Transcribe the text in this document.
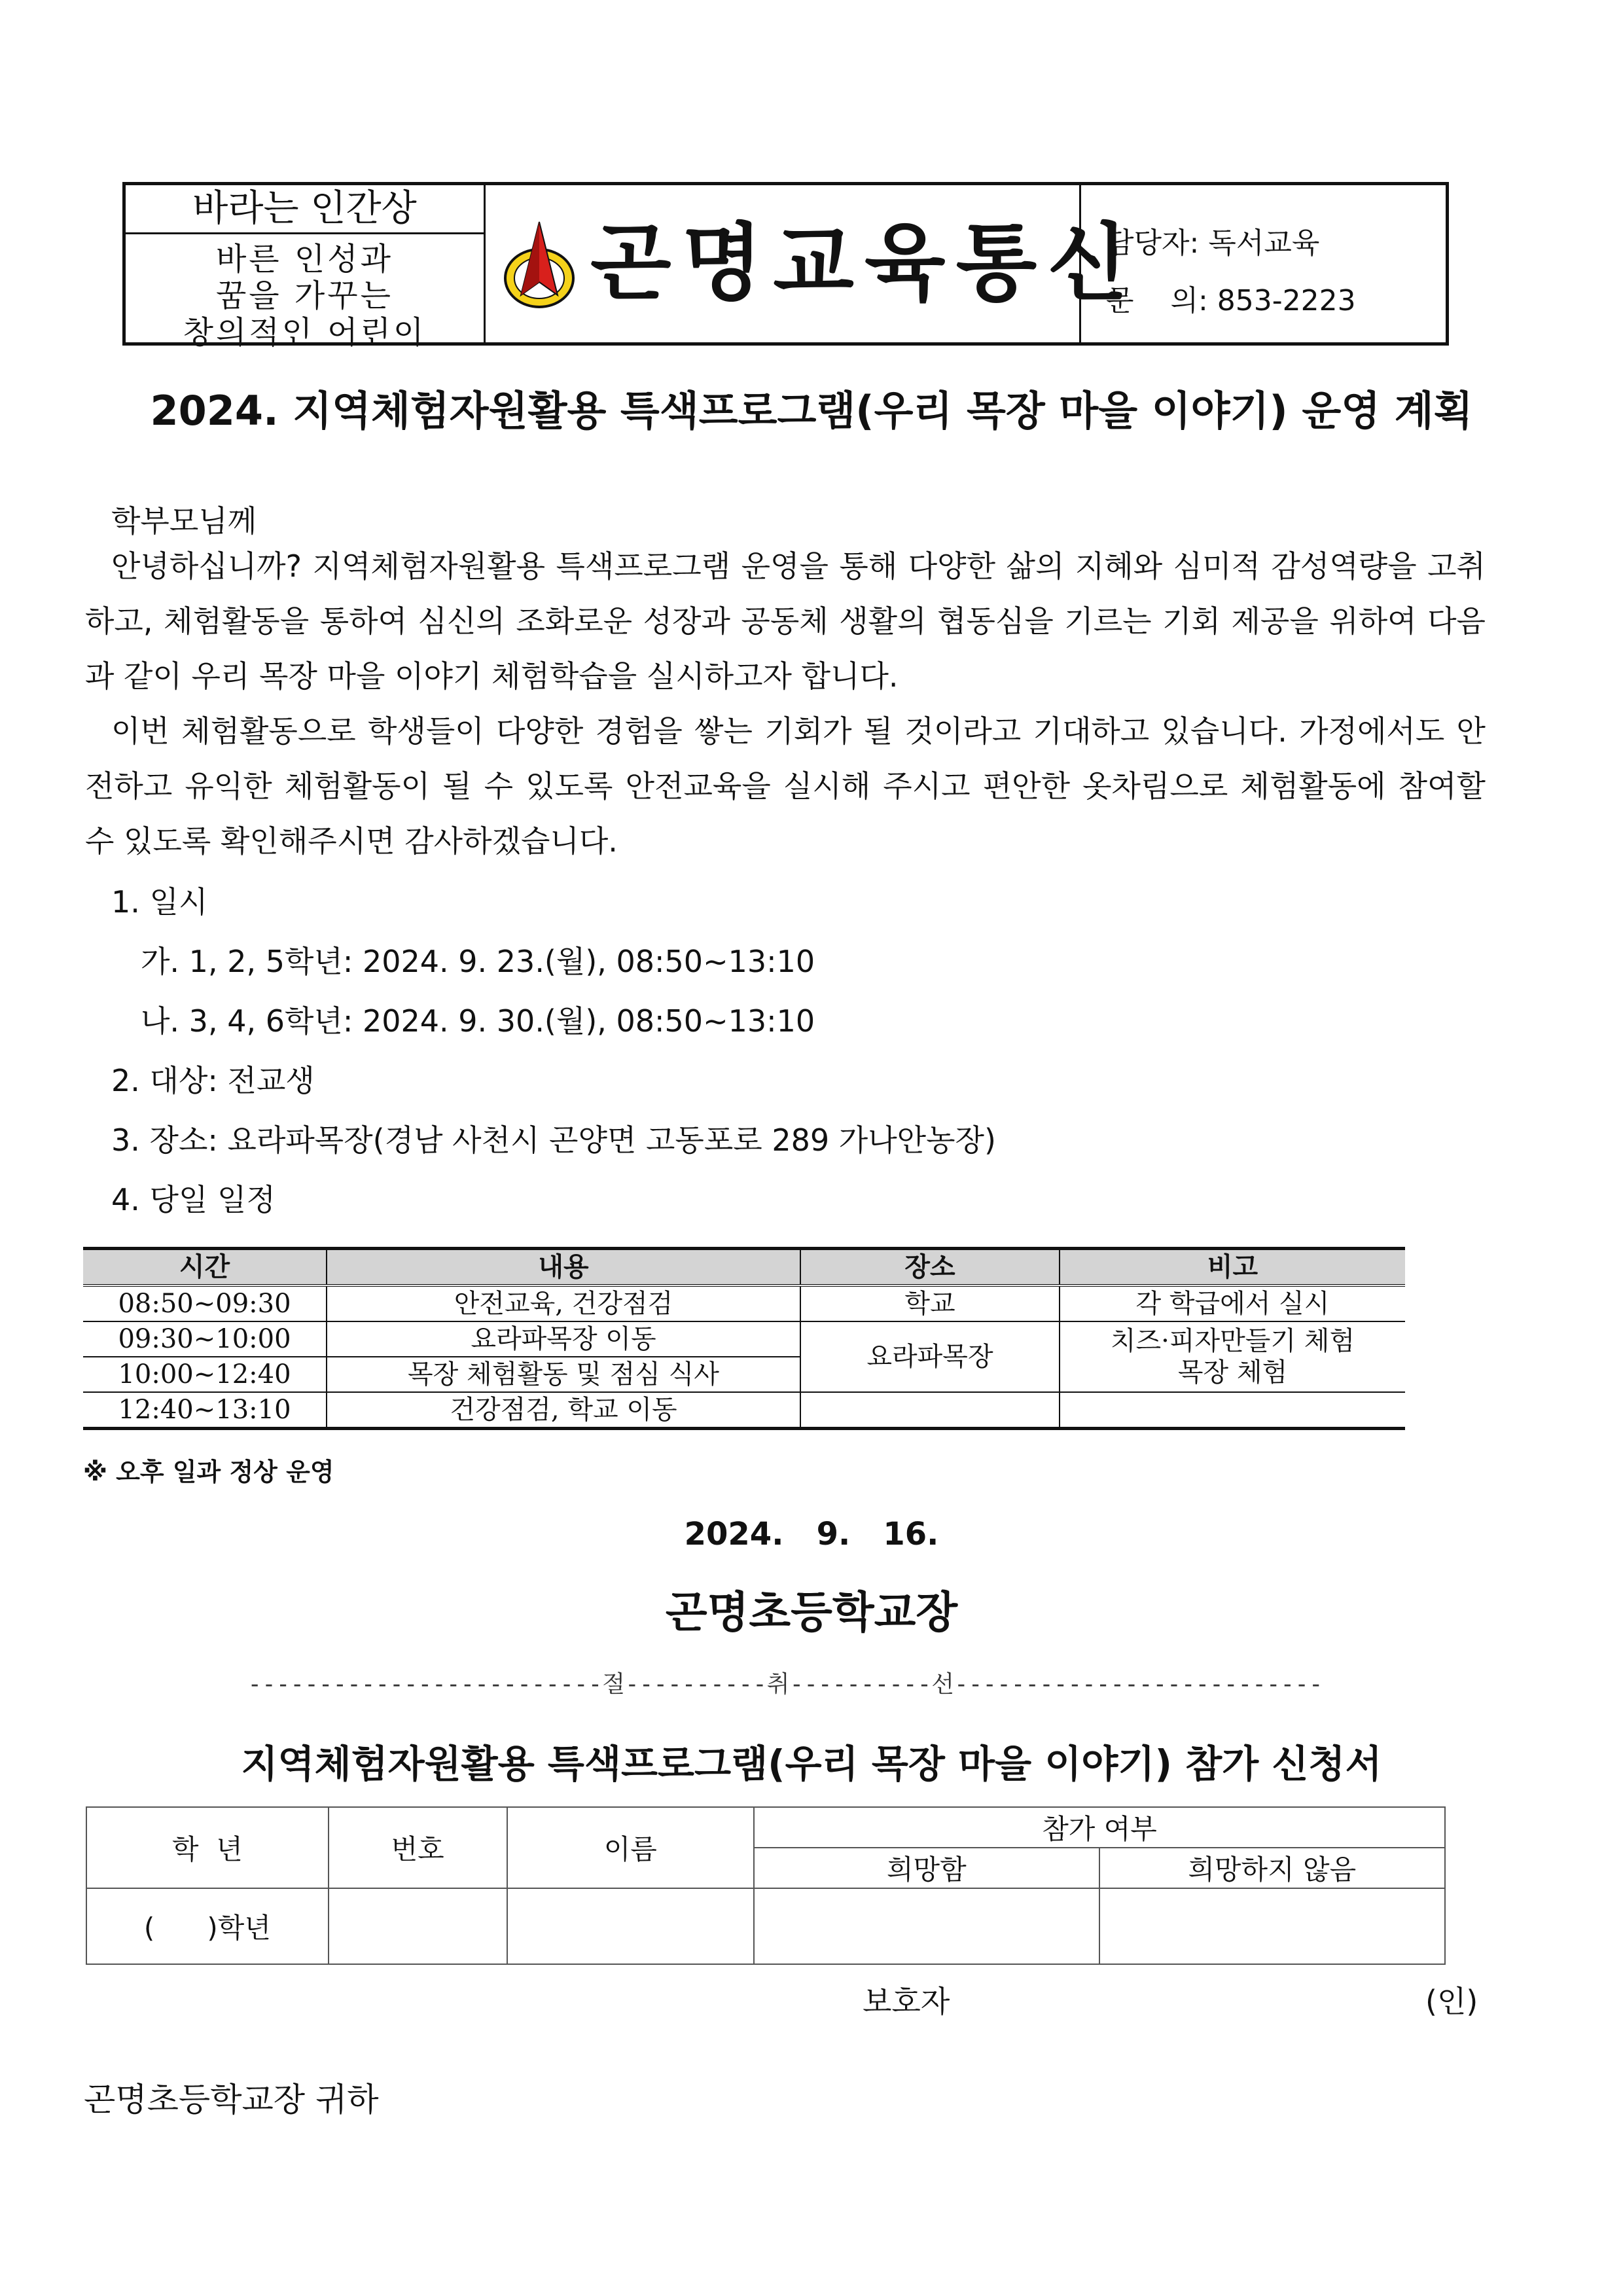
바라는 인간상
바른 인성과
꿈을 가꾸는
창의적인 어린이
곤명교육통신
담당자: 독서교육
문    의: 853-2223
2024. 지역체험자원활용 특색프로그램(우리 목장 마을 이야기) 운영 계획
학부모님께
안녕하십니까? 지역체험자원활용 특색프로그램 운영을 통해 다양한 삶의 지혜와 심미적 감성역량을 고취하고, 체험활동을 통하여 심신의 조화로운 성장과 공동체 생활의 협동심을 기르는 기회 제공을 위하여 다음과 같이 우리 목장 마을 이야기 체험학습을 실시하고자 합니다.
이번 체험활동으로 학생들이 다양한 경험을 쌓는 기회가 될 것이라고 기대하고 있습니다. 가정에서도 안전하고 유익한 체험활동이 될 수 있도록 안전교육을 실시해 주시고 편안한 옷차림으로 체험활동에 참여할 수 있도록 확인해주시면 감사하겠습니다.
1. 일시
가. 1, 2, 5학년: 2024. 9. 23.(월), 08:50~13:10
나. 3, 4, 6학년: 2024. 9. 30.(월), 08:50~13:10
2. 대상: 전교생
3. 장소: 요라파목장(경남 사천시 곤양면 고동포로 289 가나안농장)
4. 당일 일정
시간	내용	장소	비고
08:50~09:30	안전교육, 건강점검	학교	각 학급에서 실시
09:30~10:00	요라파목장 이동	요라파목장	치즈·피자만들기 체험
목장 체험

10:00~12:40	목장 체험활동 및 점심 식사		
12:40~13:10	건강점검, 학교 이동		
※ 오후 일과 정상 운영
2024.   9.   16.
곤명초등학교장
-------------------------절----------취----------선--------------------------
지역체험자원활용 특색프로그램(우리 목장 마을 이야기) 참가 신청서
학  년	번호	이름	참가 여부	
			희망함	희망하지 않음
(      )학년				
보호자	(인)
곤명초등학교장 귀하
